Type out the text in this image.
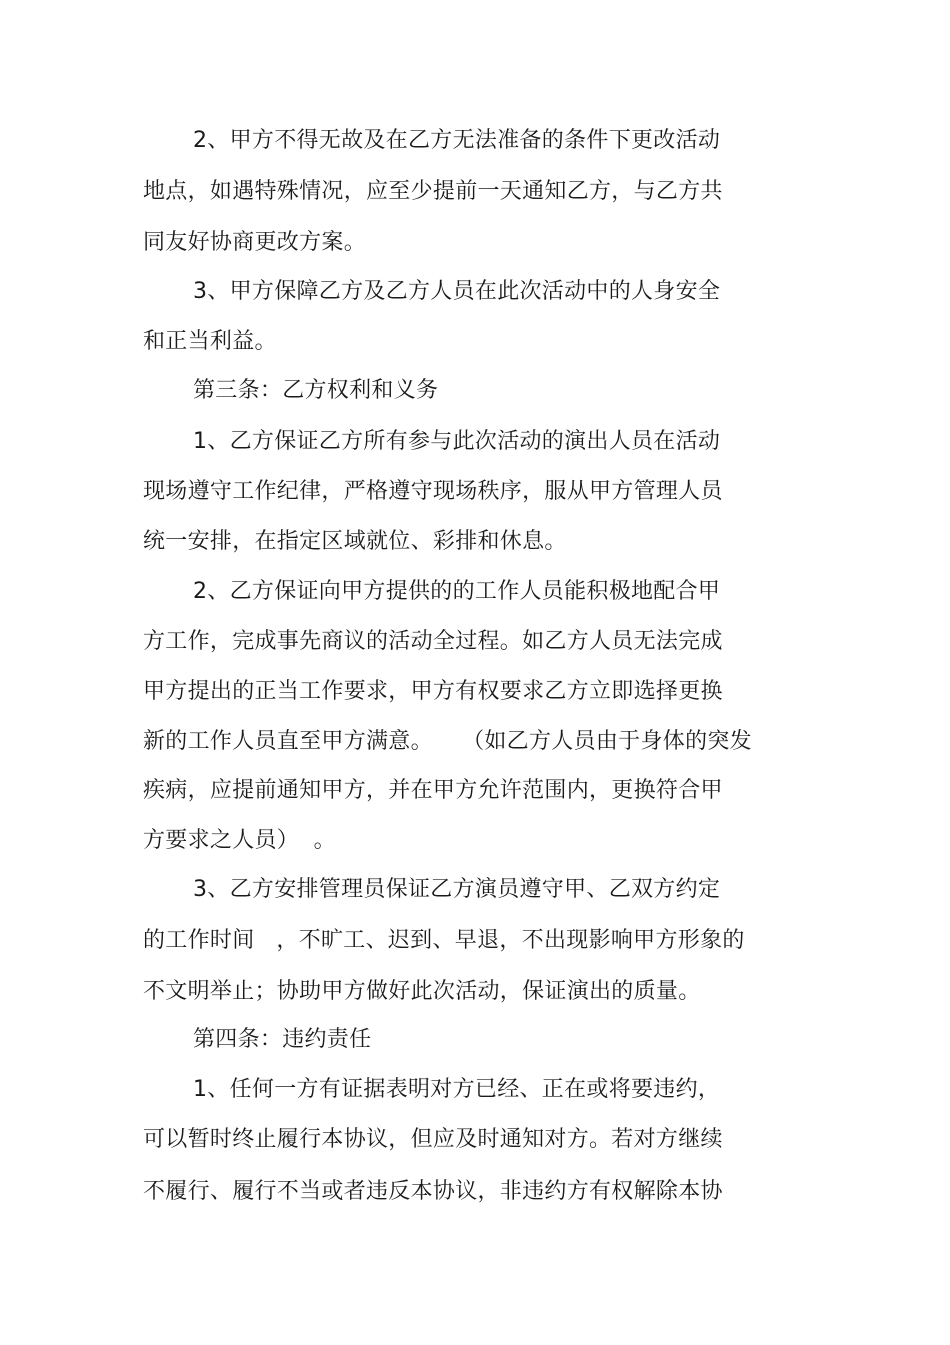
2、甲方不得无故及在乙方无法准备的条件下更改活动
地点，如遇特殊情况，应至少提前一天通知乙方，与乙方共
同友好协商更改方案。
3、甲方保障乙方及乙方人员在此次活动中的人身安全
和正当利益。
第三条：乙方权利和义务
1、乙方保证乙方所有参与此次活动的演出人员在活动
现场遵守工作纪律，严格遵守现场秩序，服从甲方管理人员
统一安排，在指定区域就位、彩排和休息。
2、乙方保证向甲方提供的的工作人员能积极地配合甲
方工作，完成事先商议的活动全过程。如乙方人员无法完成
甲方提出的正当工作要求，甲方有权要求乙方立即选择更换
新的工作人员直至甲方满意。    （如乙方人员由于身体的突发
疾病，应提前通知甲方，并在甲方允许范围内，更换符合甲
方要求之人员）  。
3、乙方安排管理员保证乙方演员遵守甲、乙双方约定
的工作时间   ，不旷工、迟到、早退，不出现影响甲方形象的
不文明举止；协助甲方做好此次活动，保证演出的质量。
第四条：违约责任
1、任何一方有证据表明对方已经、正在或将要违约，
可以暂时终止履行本协议，但应及时通知对方。若对方继续
不履行、履行不当或者违反本协议，非违约方有权解除本协
